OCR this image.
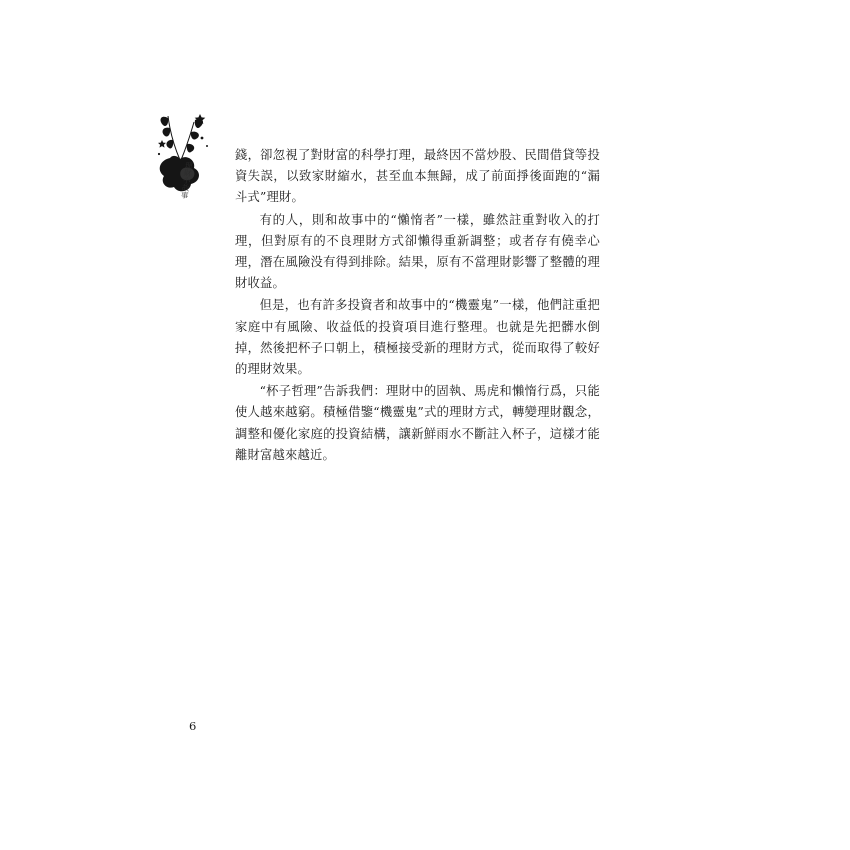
理財小故事

錢，卻忽視了對財富的科學打理，最終因不當炒股、民間借貸等投資失誤，以致家財縮水，甚至血本無歸，成了前面掙後面跑的“漏斗式”理財。

有的人，則和故事中的“懶惰者”一樣，雖然註重對收入的打理，但對原有的不良理財方式卻懶得重新調整；或者存有僥幸心理，潛在風險没有得到排除。結果，原有不當理財影響了整體的理財收益。

但是，也有許多投資者和故事中的“機靈鬼”一樣，他們註重把家庭中有風險、收益低的投資項目進行整理。也就是先把髒水倒掉，然後把杯子口朝上，積極接受新的理財方式，從而取得了較好的理財效果。

“杯子哲理”告訴我們：理財中的固執、馬虎和懶惰行爲，只能使人越來越窮。積極借鑒“機靈鬼”式的理財方式，轉變理財觀念，調整和優化家庭的投資結構，讓新鮮雨水不斷註入杯子，這樣才能離財富越來越近。

6
